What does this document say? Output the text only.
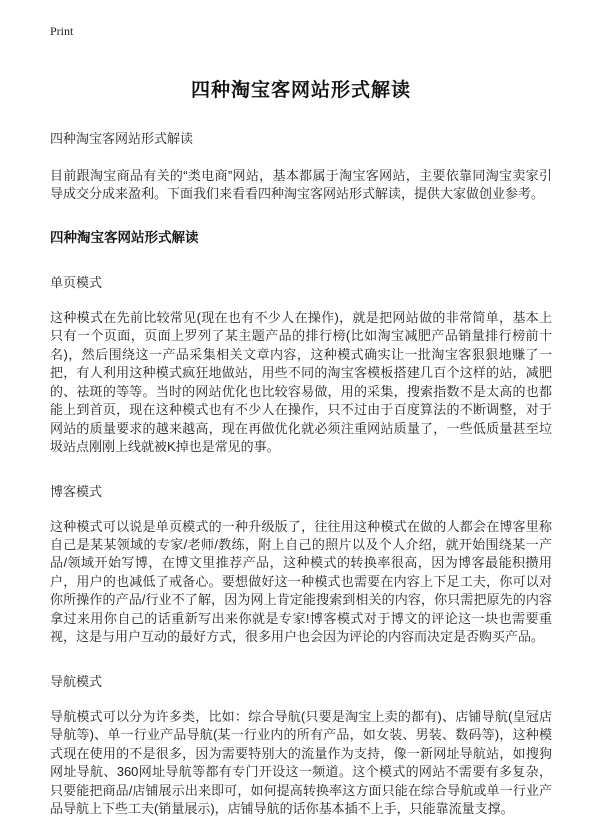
Print
四种淘宝客网站形式解读

四种淘宝客网站形式解读

目前跟淘宝商品有关的“类电商”网站，基本都属于淘宝客网站，主要依靠同淘宝卖家引导成交分成来盈利。下面我们来看看四种淘宝客网站形式解读，提供大家做创业参考。

四种淘宝客网站形式解读
单页模式

这种模式在先前比较常见(现在也有不少人在操作)，就是把网站做的非常简单，基本上只有一个页面，页面上罗列了某主题产品的排行榜(比如淘宝减肥产品销量排行榜前十名)，然后围绕这一产品采集相关文章内容，这种模式确实让一批淘宝客狠狠地赚了一把，有人利用这种模式疯狂地做站，用些不同的淘宝客模板搭建几百个这样的站，减肥的、祛斑的等等。当时的网站优化也比较容易做，用的采集，搜索指数不是太高的也都能上到首页，现在这种模式也有不少人在操作，只不过由于百度算法的不断调整，对于网站的质量要求的越来越高，现在再做优化就必须注重网站质量了，一些低质量甚至垃圾站点刚刚上线就被K掉也是常见的事。

博客模式

这种模式可以说是单页模式的一种升级版了，往往用这种模式在做的人都会在博客里称自己是某某领域的专家/老师/教练，附上自己的照片以及个人介绍，就开始围绕某一产品/领域开始写博，在博文里推荐产品，这种模式的转换率很高，因为博客最能积攒用户，用户的也减低了戒备心。要想做好这一种模式也需要在内容上下足工夫，你可以对你所操作的产品/行业不了解，因为网上肯定能搜索到相关的内容，你只需把原先的内容拿过来用你自己的话重新写出来你就是专家!博客模式对于博文的评论这一块也需要重视，这是与用户互动的最好方式，很多用户也会因为评论的内容而决定是否购买产品。

导航模式

导航模式可以分为许多类，比如：综合导航(只要是淘宝上卖的都有)、店铺导航(皇冠店导航等)、单一行业产品导航(某一行业内的所有产品，如女装、男装、数码等)，这种模式现在使用的不是很多，因为需要特别大的流量作为支持，像一新网址导航站，如搜狗网址导航、360网址导航等都有专门开设这一频道。这个模式的网站不需要有多复杂，只要能把商品/店铺展示出来即可，如何提高转换率这方面只能在综合导航或单一行业产品导航上下些工夫(销量展示)，店铺导航的话你基本插不上手，只能靠流量支撑。
